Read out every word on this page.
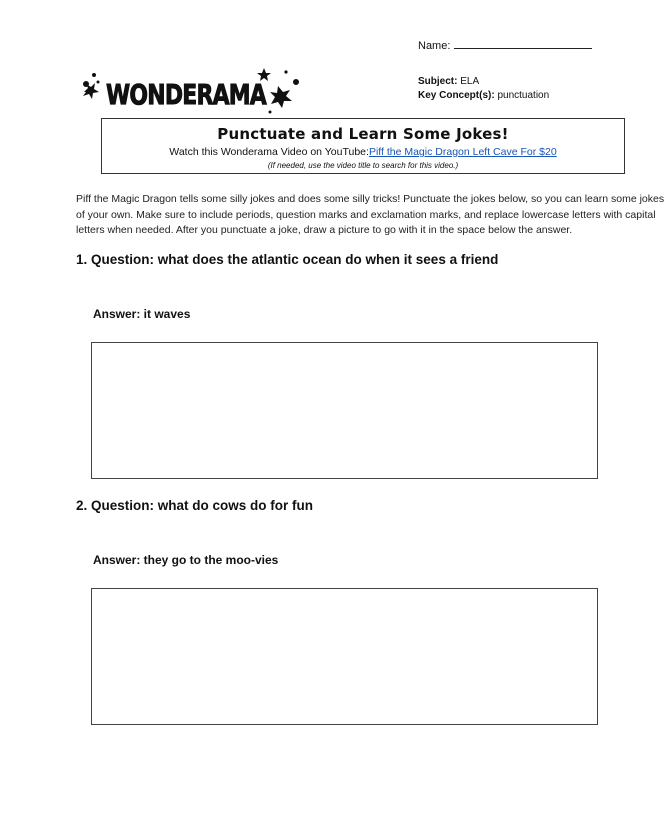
Name:
Subject: ELA
Key Concept(s): punctuation
WONDERAMA
Punctuate and Learn Some Jokes!
Watch this Wonderama Video on YouTube:Piff the Magic Dragon Left Cave For $20
(If needed, use the video title to search for this video.)
Piff the Magic Dragon tells some silly jokes and does some silly tricks! Punctuate the jokes below, so you can learn some jokes of your own. Make sure to include periods, question marks and exclamation marks, and replace lowercase letters with capital letters when needed. After you punctuate a joke, draw a picture to go with it in the space below the answer.
1. Question: what does the atlantic ocean do when it sees a friend
Answer: it waves
2. Question: what do cows do for fun
Answer: they go to the moo-vies
